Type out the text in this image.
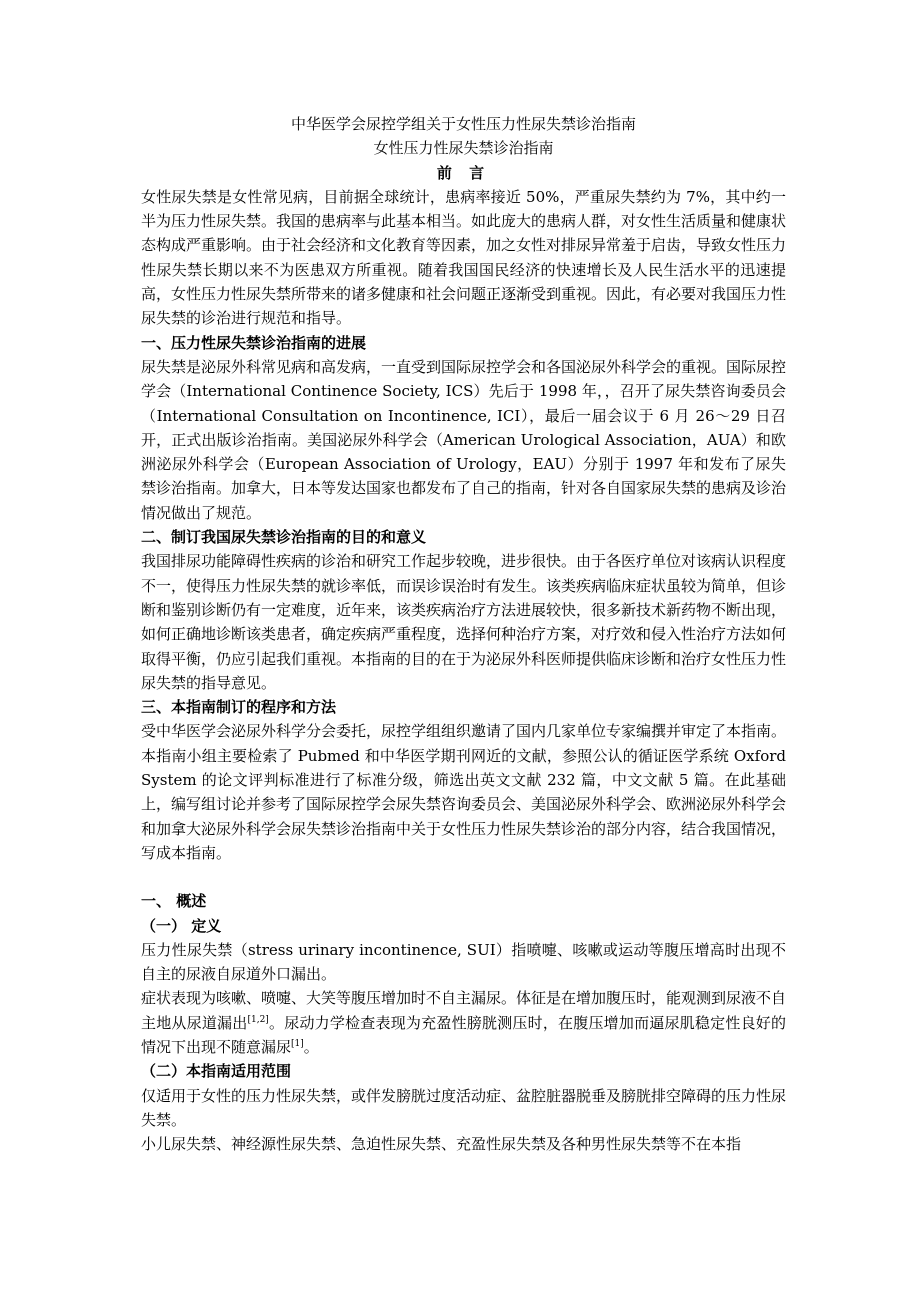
中华医学会尿控学组关于女性压力性尿失禁诊治指南

女性压力性尿失禁诊治指南

前 言

女性尿失禁是女性常见病，目前据全球统计，患病率接近 50%，严重尿失禁约为 7%，其中约一半为压力性尿失禁。我国的患病率与此基本相当。如此庞大的患病人群，对女性生活质量和健康状态构成严重影响。由于社会经济和文化教育等因素，加之女性对排尿异常羞于启齿，导致女性压力性尿失禁长期以来不为医患双方所重视。随着我国国民经济的快速增长及人民生活水平的迅速提高，女性压力性尿失禁所带来的诸多健康和社会问题正逐渐受到重视。因此，有必要对我国压力性尿失禁的诊治进行规范和指导。

一、压力性尿失禁诊治指南的进展

尿失禁是泌尿外科常见病和高发病，一直受到国际尿控学会和各国泌尿外科学会的重视。国际尿控学会（International Continence Society, ICS）先后于 1998 年，，召开了尿失禁咨询委员会（International Consultation on Incontinence, ICI），最后一届会议于 6 月 26～29 日召开，正式出版诊治指南。美国泌尿外科学会（American Urological Association，AUA）和欧洲泌尿外科学会（European Association of Urology，EAU）分别于 1997 年和发布了尿失禁诊治指南。加拿大，日本等发达国家也都发布了自己的指南，针对各自国家尿失禁的患病及诊治情况做出了规范。

二、制订我国尿失禁诊治指南的目的和意义

我国排尿功能障碍性疾病的诊治和研究工作起步较晚，进步很快。由于各医疗单位对该病认识程度不一，使得压力性尿失禁的就诊率低，而误诊误治时有发生。该类疾病临床症状虽较为简单，但诊断和鉴别诊断仍有一定难度，近年来，该类疾病治疗方法进展较快，很多新技术新药物不断出现，如何正确地诊断该类患者，确定疾病严重程度，选择何种治疗方案，对疗效和侵入性治疗方法如何取得平衡，仍应引起我们重视。本指南的目的在于为泌尿外科医师提供临床诊断和治疗女性压力性尿失禁的指导意见。

三、本指南制订的程序和方法

受中华医学会泌尿外科学分会委托，尿控学组组织邀请了国内几家单位专家编撰并审定了本指南。

本指南小组主要检索了 Pubmed 和中华医学期刊网近的文献，参照公认的循证医学系统 Oxford System 的论文评判标准进行了标准分级，筛选出英文文献 232 篇，中文文献 5 篇。在此基础上，编写组讨论并参考了国际尿控学会尿失禁咨询委员会、美国泌尿外科学会、欧洲泌尿外科学会和加拿大泌尿外科学会尿失禁诊治指南中关于女性压力性尿失禁诊治的部分内容，结合我国情况，写成本指南。

一、 概述

（一） 定义

压力性尿失禁（stress urinary incontinence, SUI）指喷嚏、咳嗽或运动等腹压增高时出现不自主的尿液自尿道外口漏出。

症状表现为咳嗽、喷嚏、大笑等腹压增加时不自主漏尿。体征是在增加腹压时，能观测到尿液不自主地从尿道漏出[1,2]。尿动力学检查表现为充盈性膀胱测压时，在腹压增加而逼尿肌稳定性良好的情况下出现不随意漏尿[1]。

（二）本指南适用范围

仅适用于女性的压力性尿失禁，或伴发膀胱过度活动症、盆腔脏器脱垂及膀胱排空障碍的压力性尿失禁。

小儿尿失禁、神经源性尿失禁、急迫性尿失禁、充盈性尿失禁及各种男性尿失禁等不在本指
